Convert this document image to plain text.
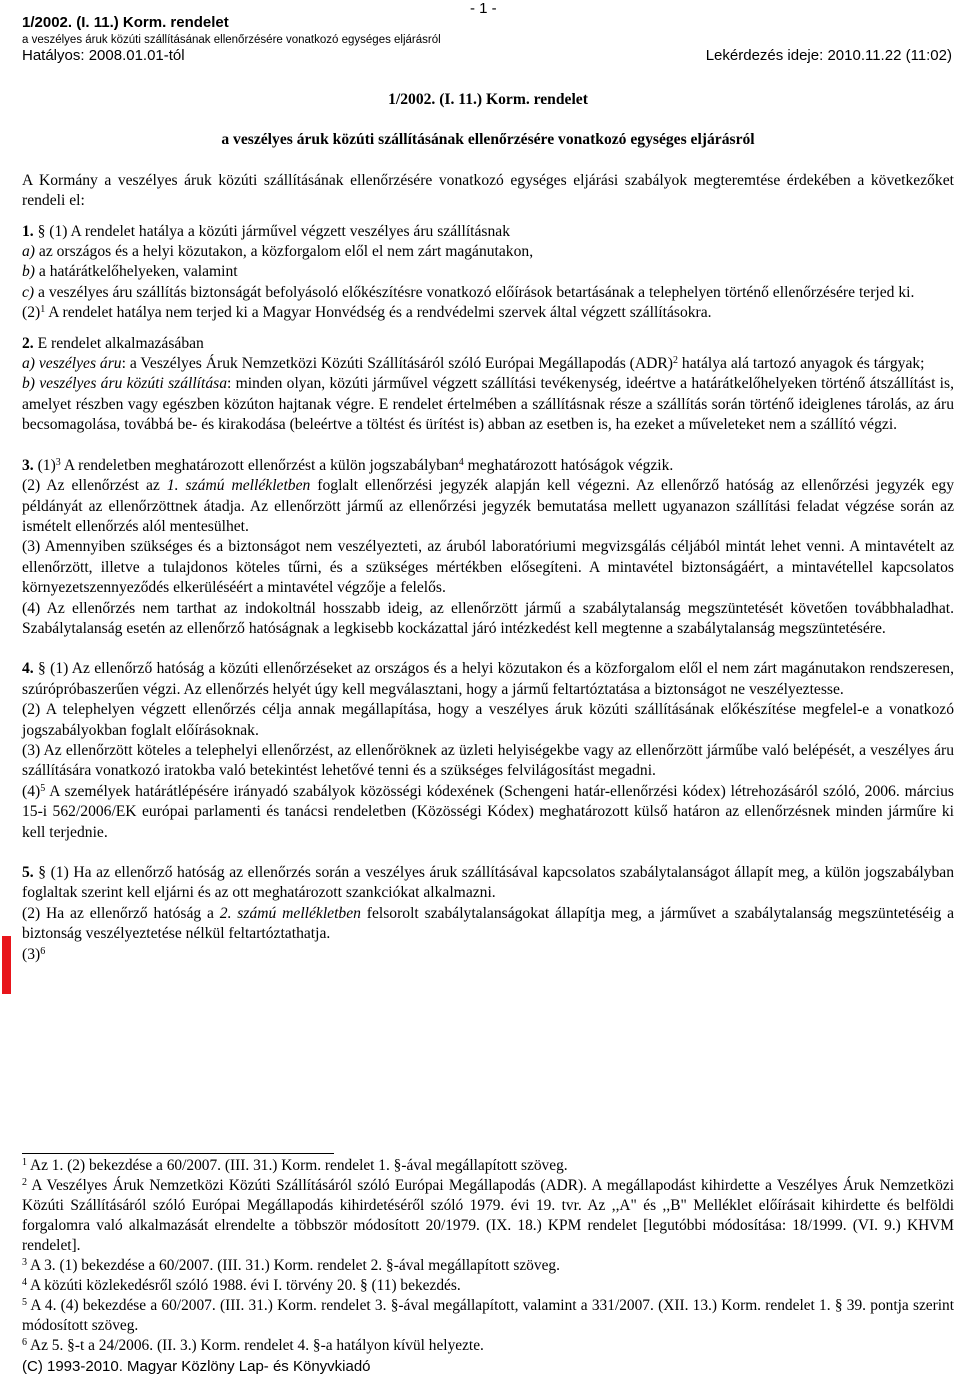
- 1 -
1/2002. (I. 11.) Korm. rendelet
a veszélyes áruk közúti szállításának ellenőrzésére vonatkozó egységes eljárásról
Hatályos: 2008.01.01-tól	Lekérdezés ideje: 2010.11.22 (11:02)

1/2002. (I. 11.) Korm. rendelet

a veszélyes áruk közúti szállításának ellenőrzésére vonatkozó egységes eljárásról

A Kormány a veszélyes áruk közúti szállításának ellenőrzésére vonatkozó egységes eljárási szabályok megteremtése érdekében a következőket rendeli el:

1. § (1) A rendelet hatálya a közúti járművel végzett veszélyes áru szállításnak

a) az országos és a helyi közutakon, a közforgalom elől el nem zárt magánutakon,

b) a határátkelőhelyeken, valamint

c) a veszélyes áru szállítás biztonságát befolyásoló előkészítésre vonatkozó előírások betartásának a telephelyen történő ellenőrzésére terjed ki.

$(2)^1$ A rendelet hatálya nem terjed ki a Magyar Honvédség és a rendvédelmi szervek által végzett szállításokra.

2. E rendelet alkalmazásában

a) veszélyes áru: a Veszélyes Áruk Nemzetközi Közúti Szállításáról szóló Európai Megállapodás (ADR)$^2$ hatálya alá tartozó anyagok és tárgyak;

b) veszélyes áru közúti szállítása: minden olyan, közúti járművel végzett szállítási tevékenység, ideértve a határátkelőhelyeken történő átszállítást is, amelyet részben vagy egészben közúton hajtanak végre. E rendelet értelmében a szállításnak része a szállítás során történő ideiglenes tárolás, az áru becsomagolása, továbbá be- és kirakodása (beleértve a töltést és ürítést is) abban az esetben is, ha ezeket a műveleteket nem a szállító végzi.

3. $(1)^3$ A rendeletben meghatározott ellenőrzést a külön jogszabályban$^4$ meghatározott hatóságok végzik.

(2) Az ellenőrzést az 1. számú mellékletben foglalt ellenőrzési jegyzék alapján kell végezni. Az ellenőrző hatóság az ellenőrzési jegyzék egy példányát az ellenőrzöttnek átadja. Az ellenőrzött jármű az ellenőrzési jegyzék bemutatása mellett ugyanazon szállítási feladat végzése során az ismételt ellenőrzés alól mentesülhet.

(3) Amennyiben szükséges és a biztonságot nem veszélyezteti, az áruból laboratóriumi megvizsgálás céljából mintát lehet venni. A mintavételt az ellenőrzött, illetve a tulajdonos köteles tűrni, és a szükséges mértékben elősegíteni. A mintavétel biztonságáért, a mintavétellel kapcsolatos környezetszennyeződés elkerüléséért a mintavétel végzője a felelős.

(4) Az ellenőrzés nem tarthat az indokoltnál hosszabb ideig, az ellenőrzött jármű a szabálytalanság megszüntetését követően továbbhaladhat. Szabálytalanság esetén az ellenőrző hatóságnak a legkisebb kockázattal járó intézkedést kell megtenne a szabálytalanság megszüntetésére.

4. § (1) Az ellenőrző hatóság a közúti ellenőrzéseket az országos és a helyi közutakon és a közforgalom elől el nem zárt magánutakon rendszeresen, szúrópróbaszerűen végzi. Az ellenőrzés helyét úgy kell megválasztani, hogy a jármű feltartóztatása a biztonságot ne veszélyeztesse.

(2) A telephelyen végzett ellenőrzés célja annak megállapítása, hogy a veszélyes áruk közúti szállításának előkészítése megfelel-e a vonatkozó jogszabályokban foglalt előírásoknak.

(3) Az ellenőrzött köteles a telephelyi ellenőrzést, az ellenőröknek az üzleti helyiségekbe vagy az ellenőrzött járműbe való belépését, a veszélyes áru szállítására vonatkozó iratokba való betekintést lehetővé tenni és a szükséges felvilágosítást megadni.

$(4)^5$ A személyek határátlépésére irányadó szabályok közösségi kódexének (Schengeni határ-ellenőrzési kódex) létrehozásáról szóló, 2006. március 15-i 562/2006/EK európai parlamenti és tanácsi rendeletben (Közösségi Kódex) meghatározott külső határon az ellenőrzésnek minden járműre ki kell terjednie.

5. § (1) Ha az ellenőrző hatóság az ellenőrzés során a veszélyes áruk szállításával kapcsolatos szabálytalanságot állapít meg, a külön jogszabályban foglaltak szerint kell eljárni és az ott meghatározott szankciókat alkalmazni.

(2) Ha az ellenőrző hatóság a 2. számú mellékletben felsorolt szabálytalanságokat állapítja meg, a járművet a szabálytalanság megszüntetéséig a biztonság veszélyeztetése nélkül feltartóztathatja.

$(3)^6$

$^1$ Az 1. (2) bekezdése a 60/2007. (III. 31.) Korm. rendelet 1. §-ával megállapított szöveg.

$^2$ A Veszélyes Áruk Nemzetközi Közúti Szállításáról szóló Európai Megállapodás (ADR). A megállapodást kihirdette a Veszélyes Áruk Nemzetközi Közúti Szállításáról szóló Európai Megállapodás kihirdetéséről szóló 1979. évi 19. tvr. Az ,,A" és ,,B" Melléklet előírásait kihirdette és belföldi forgalomra való alkalmazását elrendelte a többször módosított 20/1979. (IX. 18.) KPM rendelet [legutóbbi módosítása: 18/1999. (VI. 9.) KHVM rendelet].

$^3$ A 3. (1) bekezdése a 60/2007. (III. 31.) Korm. rendelet 2. §-ával megállapított szöveg.

$^4$ A közúti közlekedésről szóló 1988. évi I. törvény 20. § (11) bekezdés.

$^5$ A 4. (4) bekezdése a 60/2007. (III. 31.) Korm. rendelet 3. §-ával megállapított, valamint a 331/2007. (XII. 13.) Korm. rendelet 1. § 39. pontja szerint módosított szöveg.

$^6$ Az 5. §-t a 24/2006. (II. 3.) Korm. rendelet 4. §-a hatályon kívül helyezte.

(C) 1993-2010. Magyar Közlöny Lap- és Könyvkiadó
